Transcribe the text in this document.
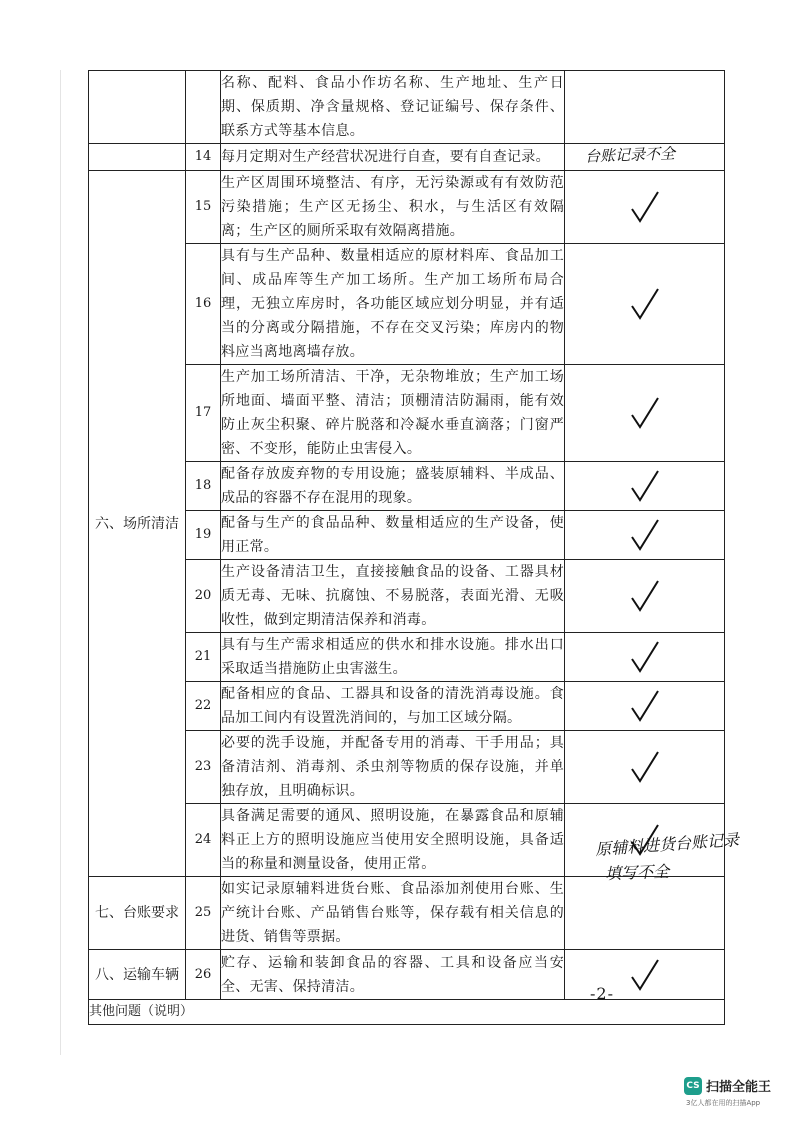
		名称、配料、食品小作坊名称、生产地址、生产日期、保质期、净含量规格、登记证编号、保存条件、联系方式等基本信息。	
	14	每月定期对生产经营状况进行自查，要有自查记录。	
六、场所清洁	15	生产区周围环境整洁、有序，无污染源或有有效防范污染措施；生产区无扬尘、积水，与生活区有效隔离；生产区的厕所采取有效隔离措施。	

	16	具有与生产品种、数量相适应的原材料库、食品加工间、成品库等生产加工场所。生产加工场所布局合理，无独立库房时，各功能区域应划分明显，并有适当的分离或分隔措施，不存在交叉污染；库房内的物料应当离地离墙存放。	

	17	生产加工场所清洁、干净，无杂物堆放；生产加工场所地面、墙面平整、清洁；顶棚清洁防漏雨，能有效防止灰尘积聚、碎片脱落和冷凝水垂直滴落；门窗严密、不变形，能防止虫害侵入。	

	18	配备存放废弃物的专用设施；盛装原辅料、半成品、成品的容器不存在混用的现象。	

	19	配备与生产的食品品种、数量相适应的生产设备，使用正常。	

	20	生产设备清洁卫生，直接接触食品的设备、工器具材质无毒、无味、抗腐蚀、不易脱落，表面光滑、无吸收性，做到定期清洁保养和消毒。	

	21	具有与生产需求相适应的供水和排水设施。排水出口采取适当措施防止虫害滋生。	

	22	配备相应的食品、工器具和设备的清洗消毒设施。食品加工间内有设置洗消间的，与加工区域分隔。	

	23	必要的洗手设施，并配备专用的消毒、干手用品；具备清洁剂、消毒剂、杀虫剂等物质的保存设施，并单独存放，且明确标识。	

	24	具备满足需要的通风、照明设施，在暴露食品和原辅料正上方的照明设施应当使用安全照明设施，具备适当的称量和测量设备，使用正常。	

七、台账要求	25	如实记录原辅料进货台账、食品添加剂使用台账、生产统计台账、产品销售台账等，保存载有相关信息的进货、销售等票据。	
八、运输车辆	26	贮存、运输和装卸食品的容器、工具和设备应当安全、无害、保持清洁。	

其他问题（说明）			
台账记录不全
原辅料进货台账记录
填写不全
-2-
CS 扫描全能王
3亿人都在用的扫描App
